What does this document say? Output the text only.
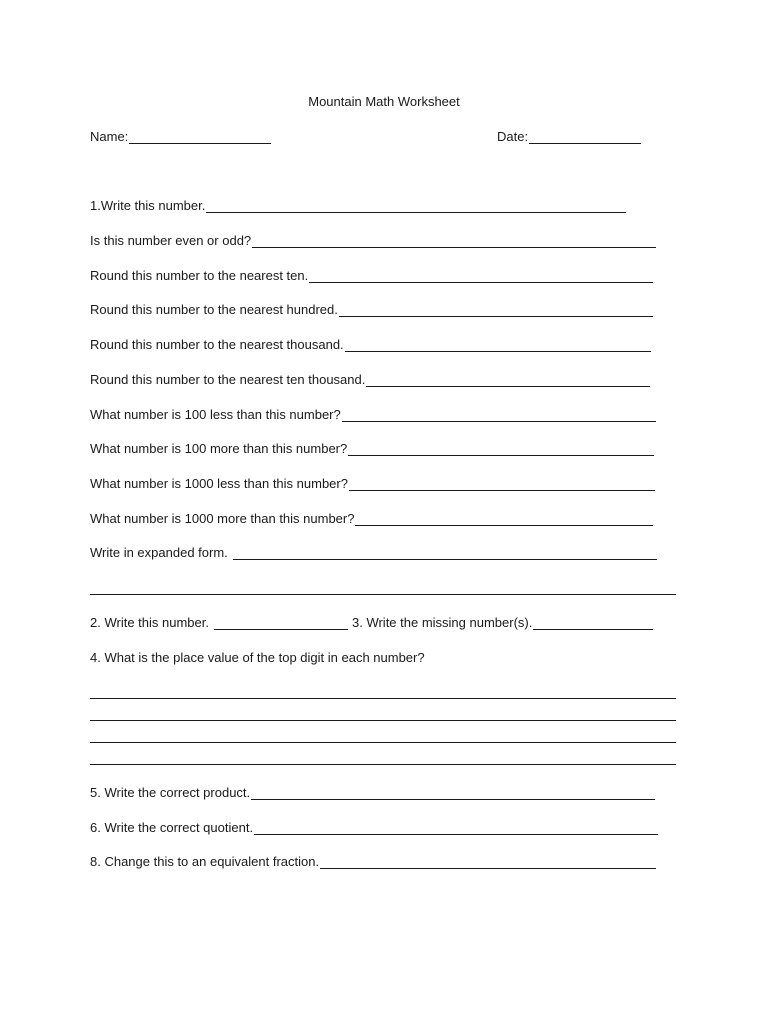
Mountain Math Worksheet
Name:	Date:
1.Write this number.
Is this number even or odd?
Round this number to the nearest ten.
Round this number to the nearest hundred.
Round this number to the nearest thousand.
Round this number to the nearest ten thousand.
What number is 100 less than this number?
What number is 100 more than this number?
What number is 1000 less than this number?
What number is 1000 more than this number?
Write in expanded form.
2. Write this number.	3. Write the missing number(s).
4. What is the place value of the top digit in each number?
5. Write the correct product.
6. Write the correct quotient.
8. Change this to an equivalent fraction.
